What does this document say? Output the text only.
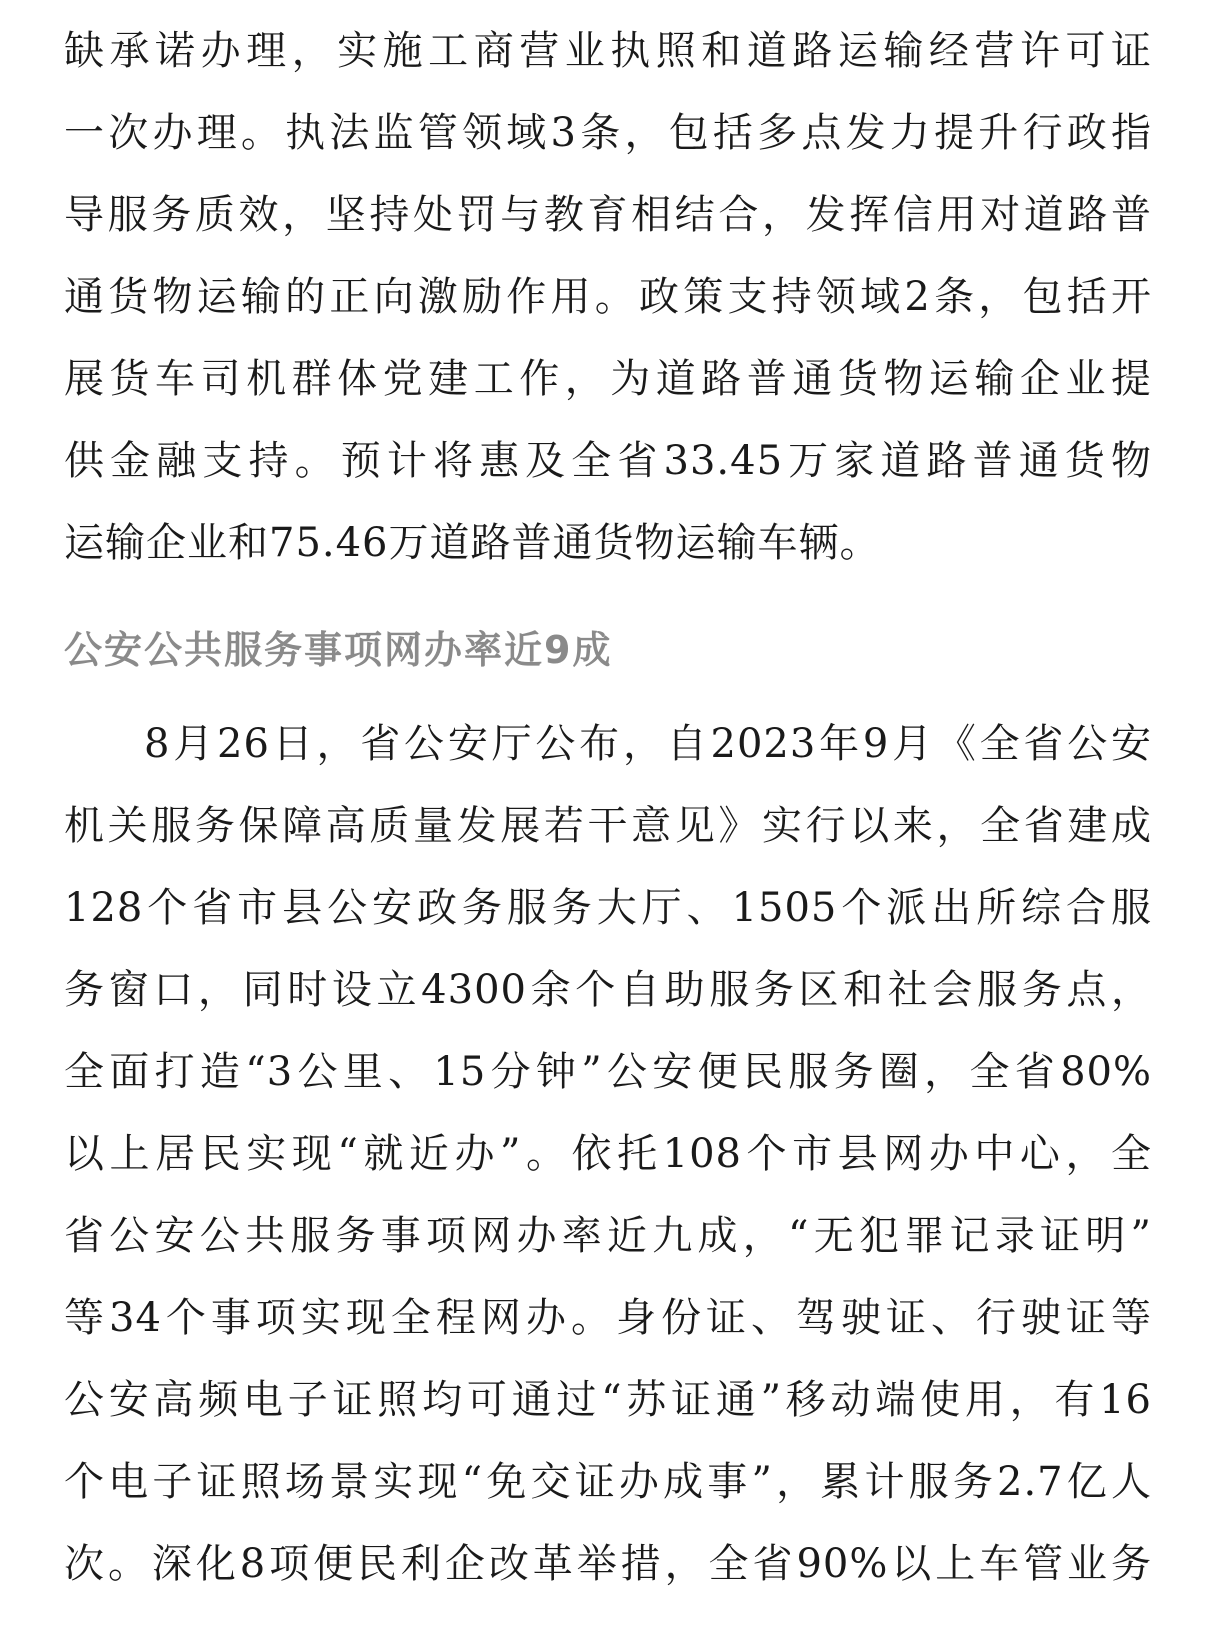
缺承诺办理，实施工商营业执照和道路运输经营许可证
一次办理。执法监管领域3条，包括多点发力提升行政指
导服务质效，坚持处罚与教育相结合，发挥信用对道路普
通货物运输的正向激励作用。政策支持领域2条，包括开
展货车司机群体党建工作，为道路普通货物运输企业提
供金融支持。预计将惠及全省33.45万家道路普通货物
运输企业和75.46万道路普通货物运输车辆。
公安公共服务事项网办率近9成
8月26日，省公安厅公布，自2023年9月《全省公安
机关服务保障高质量发展若干意见》实行以来，全省建成
128个省市县公安政务服务大厅、1505个派出所综合服
务窗口，同时设立4300余个自助服务区和社会服务点，
全面打造“3公里、15分钟”公安便民服务圈，全省80%
以上居民实现“就近办”。依托108个市县网办中心，全
省公安公共服务事项网办率近九成，“无犯罪记录证明”
等34个事项实现全程网办。身份证、驾驶证、行驶证等
公安高频电子证照均可通过“苏证通”移动端使用，有16
个电子证照场景实现“免交证办成事”，累计服务2.7亿人
次。深化8项便民利企改革举措，全省90%以上车管业务
